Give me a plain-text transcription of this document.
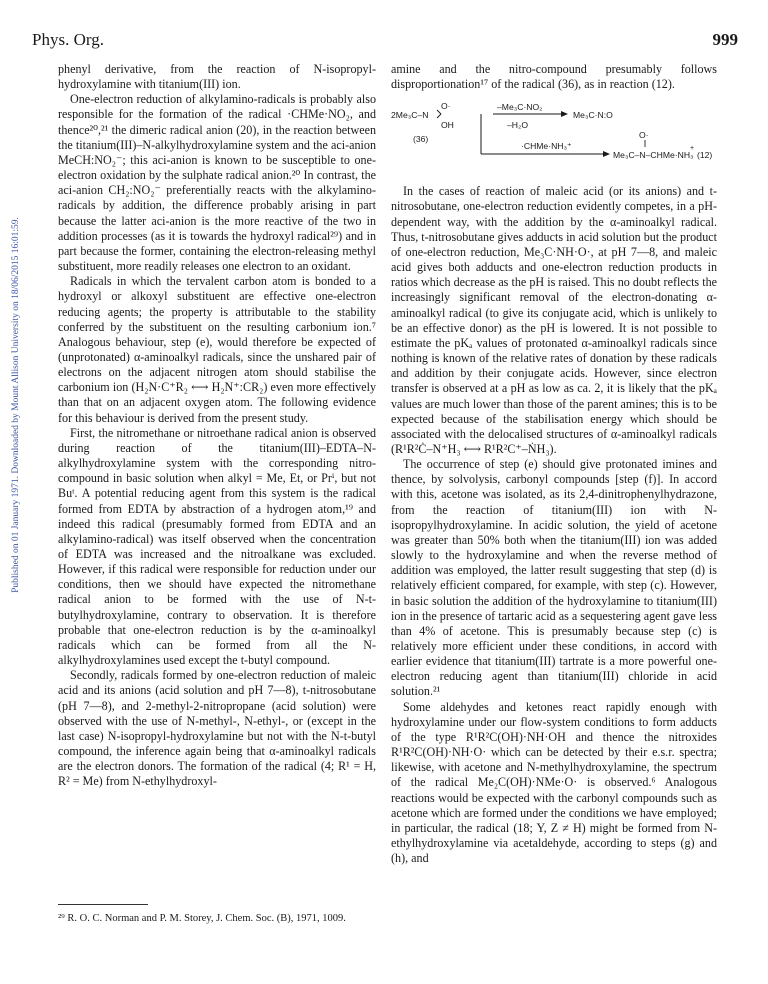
Phys. Org.	999
Published on 01 January 1971. Downloaded by Mount Allison University on 18/06/2015 16:01:59.

phenyl derivative, from the reaction of N-isopropyl-hydroxylamine with titanium(III) ion.

One-electron reduction of alkylamino-radicals is probably also responsible for the formation of the radical ·CHMe·NO₂, and thence²⁰,²¹ the dimeric radical anion (20), in the reaction between the titanium(III)–N-alkylhydroxylamine system and the aci-anion MeCH:NO₂⁻; this aci-anion is known to be susceptible to one-electron oxidation by the sulphate radical anion.²⁰ In contrast, the aci-anion CH₂:NO₂⁻ preferentially reacts with the alkylamino-radicals by addition, the difference probably arising in part because the latter aci-anion is the more reactive of the two in addition processes (as it is towards the hydroxyl radical²⁹) and in part because the former, containing the electron-releasing methyl substituent, more readily releases one electron to an oxidant.

Radicals in which the tervalent carbon atom is bonded to a hydroxyl or alkoxyl substituent are effective one-electron reducing agents; the property is attributable to the stability conferred by the substituent on the resulting carbonium ion.⁷ Analogous behaviour, step (e), would therefore be expected of (unprotonated) α-aminoalkyl radicals, since the unshared pair of electrons on the adjacent nitrogen atom should stabilise the carbonium ion (H₂N·C⁺R₂ ⟷ H₂N⁺:CR₂) even more effectively than that on an adjacent oxygen atom. The following evidence for this behaviour is derived from the present study.

First, the nitromethane or nitroethane radical anion is observed during reaction of the titanium(III)–EDTA–N-alkylhydroxylamine system with the corresponding nitro-compound in basic solution when alkyl = Me, Et, or Prⁱ, but not Buᵗ. A potential reducing agent from this system is the radical formed from EDTA by abstraction of a hydrogen atom,¹⁹ and indeed this radical (presumably formed from EDTA and an alkylamino-radical) was itself observed when the concentration of EDTA was increased and the nitroalkane was excluded. However, if this radical were responsible for reduction under our conditions, then we should have expected the nitromethane radical anion to be formed with the use of N-t-butylhydroxylamine, contrary to observation. It is therefore probable that one-electron reduction is by the α-aminoalkyl radicals which can be formed from all the N-alkylhydroxylamines used except the t-butyl compound.

Secondly, radicals formed by one-electron reduction of maleic acid and its anions (acid solution and pH 7—8), t-nitrosobutane (pH 7—8), and 2-methyl-2-nitropropane (acid solution) were observed with the use of N-methyl-, N-ethyl-, or (except in the last case) N-isopropyl-hydroxylamine but not with the N-t-butyl compound, the inference again being that α-aminoalkyl radicals are the electron donors. The formation of the radical (4; R¹ = H, R² = Me) from N-ethylhydroxyl-

²⁹ R. O. C. Norman and P. M. Storey, J. Chem. Soc. (B), 1971, 1009.

amine and the nitro-compound presumably follows disproportionation¹⁷ of the radical (36), as in reaction (12).

2Me₃C–N
O·
OH
(36)
–Me₃C·NO₂
–H₂O
Me₃C·N:O
·CHMe·NH₃⁺
O·
Me₃C–N–CHMe·NH₃
+
(12)

In the cases of reaction of maleic acid (or its anions) and t-nitrosobutane, one-electron reduction evidently competes, in a pH-dependent way, with the addition by the α-aminoalkyl radical. Thus, t-nitrosobutane gives adducts in acid solution but the product of one-electron reduction, Me₃C·NH·O·, at pH 7—8, and maleic acid gives both adducts and one-electron reduction products in ratios which decrease as the pH is raised. This no doubt reflects the increasingly significant removal of the electron-donating α-aminoalkyl radical (to give its conjugate acid, which is unlikely to be an effective donor) as the pH is lowered. It is not possible to estimate the pKₐ values of protonated α-aminoalkyl radicals since nothing is known of the relative rates of donation by these radicals and addition by their conjugate acids. However, since electron transfer is observed at a pH as low as ca. 2, it is likely that the pKₐ values are much lower than those of the parent amines; this is to be expected because of the stabilisation energy which should be associated with the delocalised structures of α-aminoalkyl radicals (R¹R²Ċ–N⁺H₃ ⟷ R¹R²C⁺–ṄH₃).

The occurrence of step (e) should give protonated imines and thence, by solvolysis, carbonyl compounds [step (f)]. In accord with this, acetone was isolated, as its 2,4-dinitrophenylhydrazone, from the reaction of titanium(III) ion with N-isopropylhydroxylamine. In acidic solution, the yield of acetone was greater than 50% both when the titanium(III) ion was added slowly to the hydroxylamine and when the reverse method of addition was employed, the latter result suggesting that step (d) is relatively efficient compared, for example, with step (c). However, in basic solution the addition of the hydroxylamine to titanium(III) ion in the presence of tartaric acid as a sequestering agent gave less than 4% of acetone. This is presumably because step (c) is relatively more efficient under these conditions, in accord with earlier evidence that titanium(III) tartrate is a more powerful one-electron reducing agent than titanium(III) chloride in acid solution.²¹

Some aldehydes and ketones react rapidly enough with hydroxylamine under our flow-system conditions to form adducts of the type R¹R²C(OH)·NH·OH and thence the nitroxides R¹R²C(OH)·NH·O· which can be detected by their e.s.r. spectra; likewise, with acetone and N-methylhydroxylamine, the spectrum of the radical Me₂C(OH)·NMe·O· is observed.⁶ Analogous reactions would be expected with the carbonyl compounds such as acetone which are formed under the conditions we have employed; in particular, the radical (18; Y, Z ≠ H) might be formed from N-ethylhydroxylamine via acetaldehyde, according to steps (g) and (h), and
